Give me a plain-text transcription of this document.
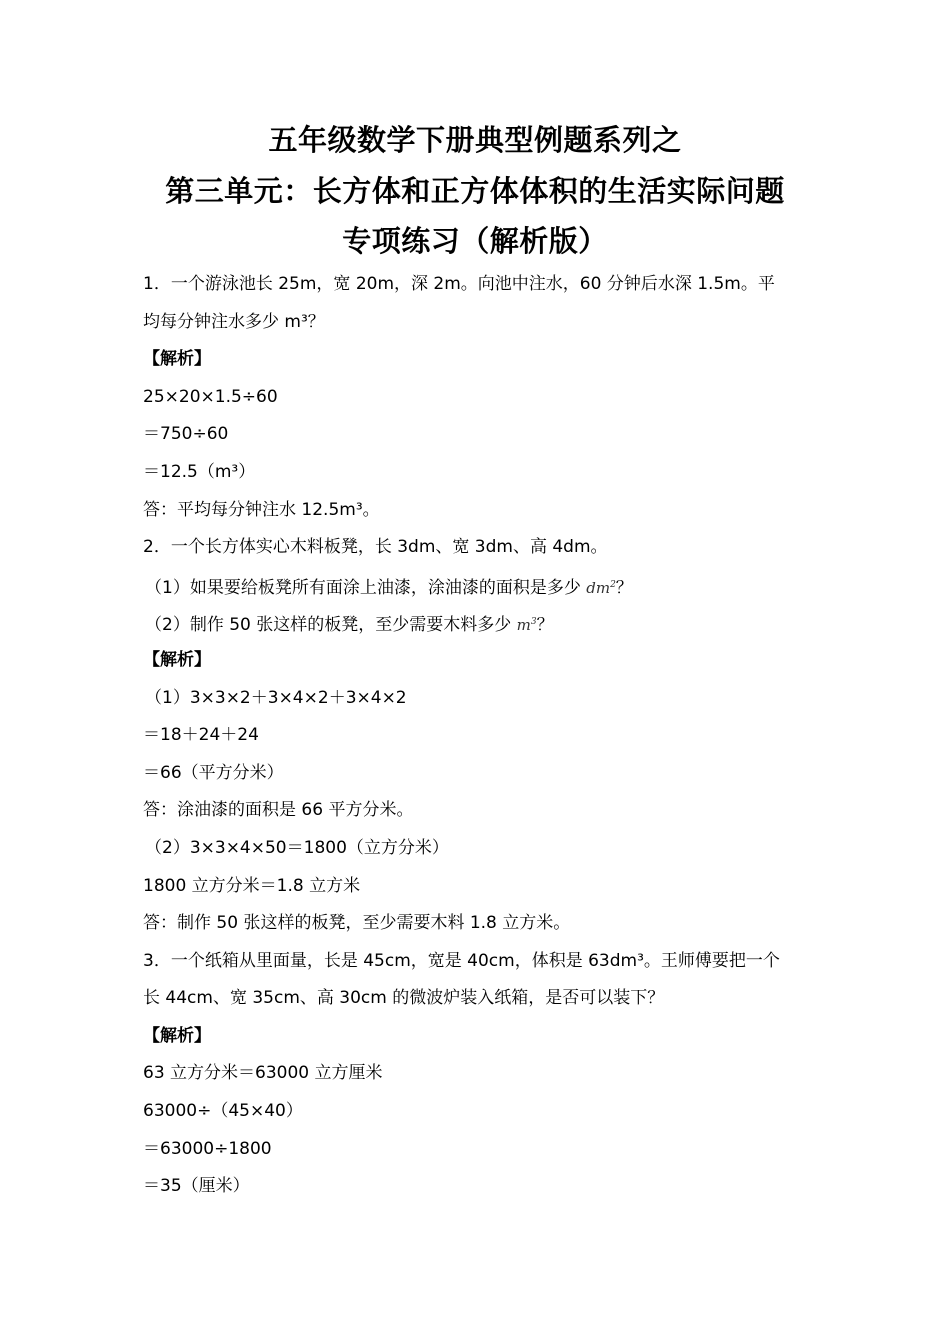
五年级数学下册典型例题系列之
第三单元：长方体和正方体体积的生活实际问题
专项练习（解析版）
1．一个游泳池长 25m，宽 20m，深 2m。向池中注水，60 分钟后水深 1.5m。平
均每分钟注水多少 m³？
【解析】
25×20×1.5÷60
＝750÷60
＝12.5（m³）
答：平均每分钟注水 12.5m³。
2．一个长方体实心木料板凳，长 3dm、宽 3dm、高 4dm。
（1）如果要给板凳所有面涂上油漆，涂油漆的面积是多少 $dm^2$？
（2）制作 50 张这样的板凳，至少需要木料多少 $m^3$？
【解析】
（1）3×3×2＋3×4×2＋3×4×2
＝18＋24＋24
＝66（平方分米）
答：涂油漆的面积是 66 平方分米。
（2）3×3×4×50＝1800（立方分米）
1800 立方分米＝1.8 立方米
答：制作 50 张这样的板凳，至少需要木料 1.8 立方米。
3．一个纸箱从里面量，长是 45cm，宽是 40cm，体积是 63dm³。王师傅要把一个
长 44cm、宽 35cm、高 30cm 的微波炉装入纸箱，是否可以装下？
【解析】
63 立方分米＝63000 立方厘米
63000÷（45×40）
＝63000÷1800
＝35（厘米）
